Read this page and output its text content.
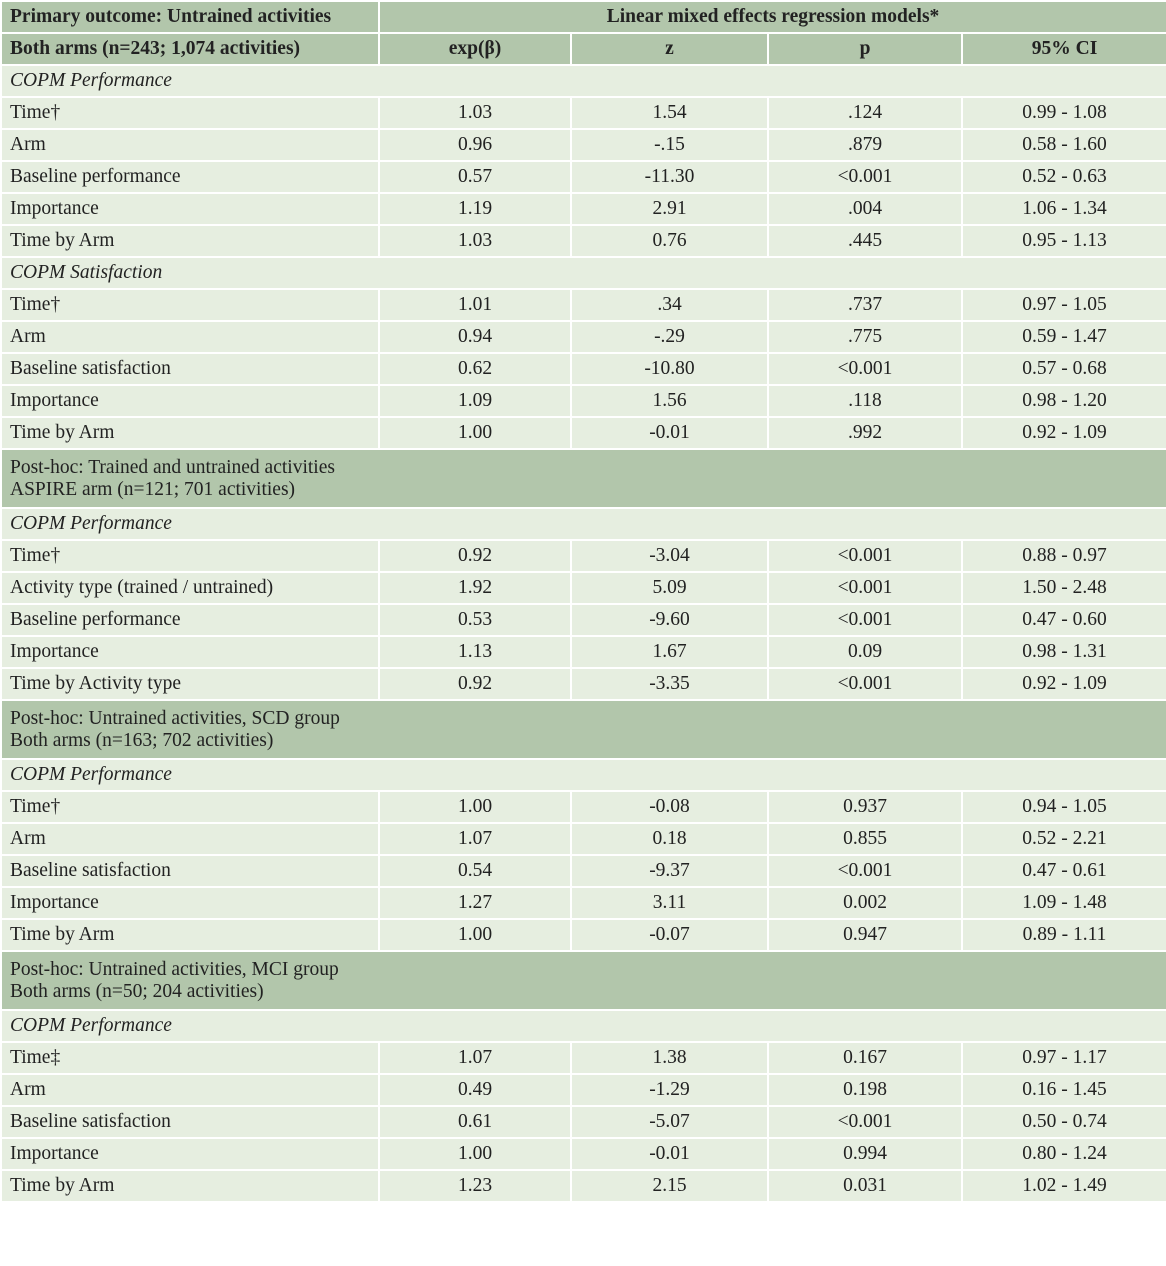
Primary outcome: Untrained activities	Linear mixed effects regression models*			
Both arms (n=243; 1,074 activities)	exp(β)	z	p	95% CI
COPM Performance				
Time†	1.03	1.54	.124	0.99 - 1.08
Arm	0.96	-.15	.879	0.58 - 1.60
Baseline performance	0.57	-11.30	<0.001	0.52 - 0.63
Importance	1.19	2.91	.004	1.06 - 1.34
Time by Arm	1.03	0.76	.445	0.95 - 1.13
COPM Satisfaction				
Time†	1.01	.34	.737	0.97 - 1.05
Arm	0.94	-.29	.775	0.59 - 1.47
Baseline satisfaction	0.62	-10.80	<0.001	0.57 - 0.68
Importance	1.09	1.56	.118	0.98 - 1.20
Time by Arm	1.00	-0.01	.992	0.92 - 1.09

Post-hoc: Trained and untrained activities
ASPIRE arm (n=121; 701 activities)				

COPM Performance				
Time†	0.92	-3.04	<0.001	0.88 - 0.97
Activity type (trained / untrained)	1.92	5.09	<0.001	1.50 - 2.48
Baseline performance	0.53	-9.60	<0.001	0.47 - 0.60
Importance	1.13	1.67	0.09	0.98 - 1.31
Time by Activity type	0.92	-3.35	<0.001	0.92 - 1.09

Post-hoc: Untrained activities, SCD group
Both arms (n=163; 702 activities)				

COPM Performance				
Time†	1.00	-0.08	0.937	0.94 - 1.05
Arm	1.07	0.18	0.855	0.52 - 2.21
Baseline satisfaction	0.54	-9.37	<0.001	0.47 - 0.61
Importance	1.27	3.11	0.002	1.09 - 1.48
Time by Arm	1.00	-0.07	0.947	0.89 - 1.11

Post-hoc: Untrained activities, MCI group
Both arms (n=50; 204 activities)				

COPM Performance				
Time‡	1.07	1.38	0.167	0.97 - 1.17
Arm	0.49	-1.29	0.198	0.16 - 1.45
Baseline satisfaction	0.61	-5.07	<0.001	0.50 - 0.74
Importance	1.00	-0.01	0.994	0.80 - 1.24
Time by Arm	1.23	2.15	0.031	1.02 - 1.49
